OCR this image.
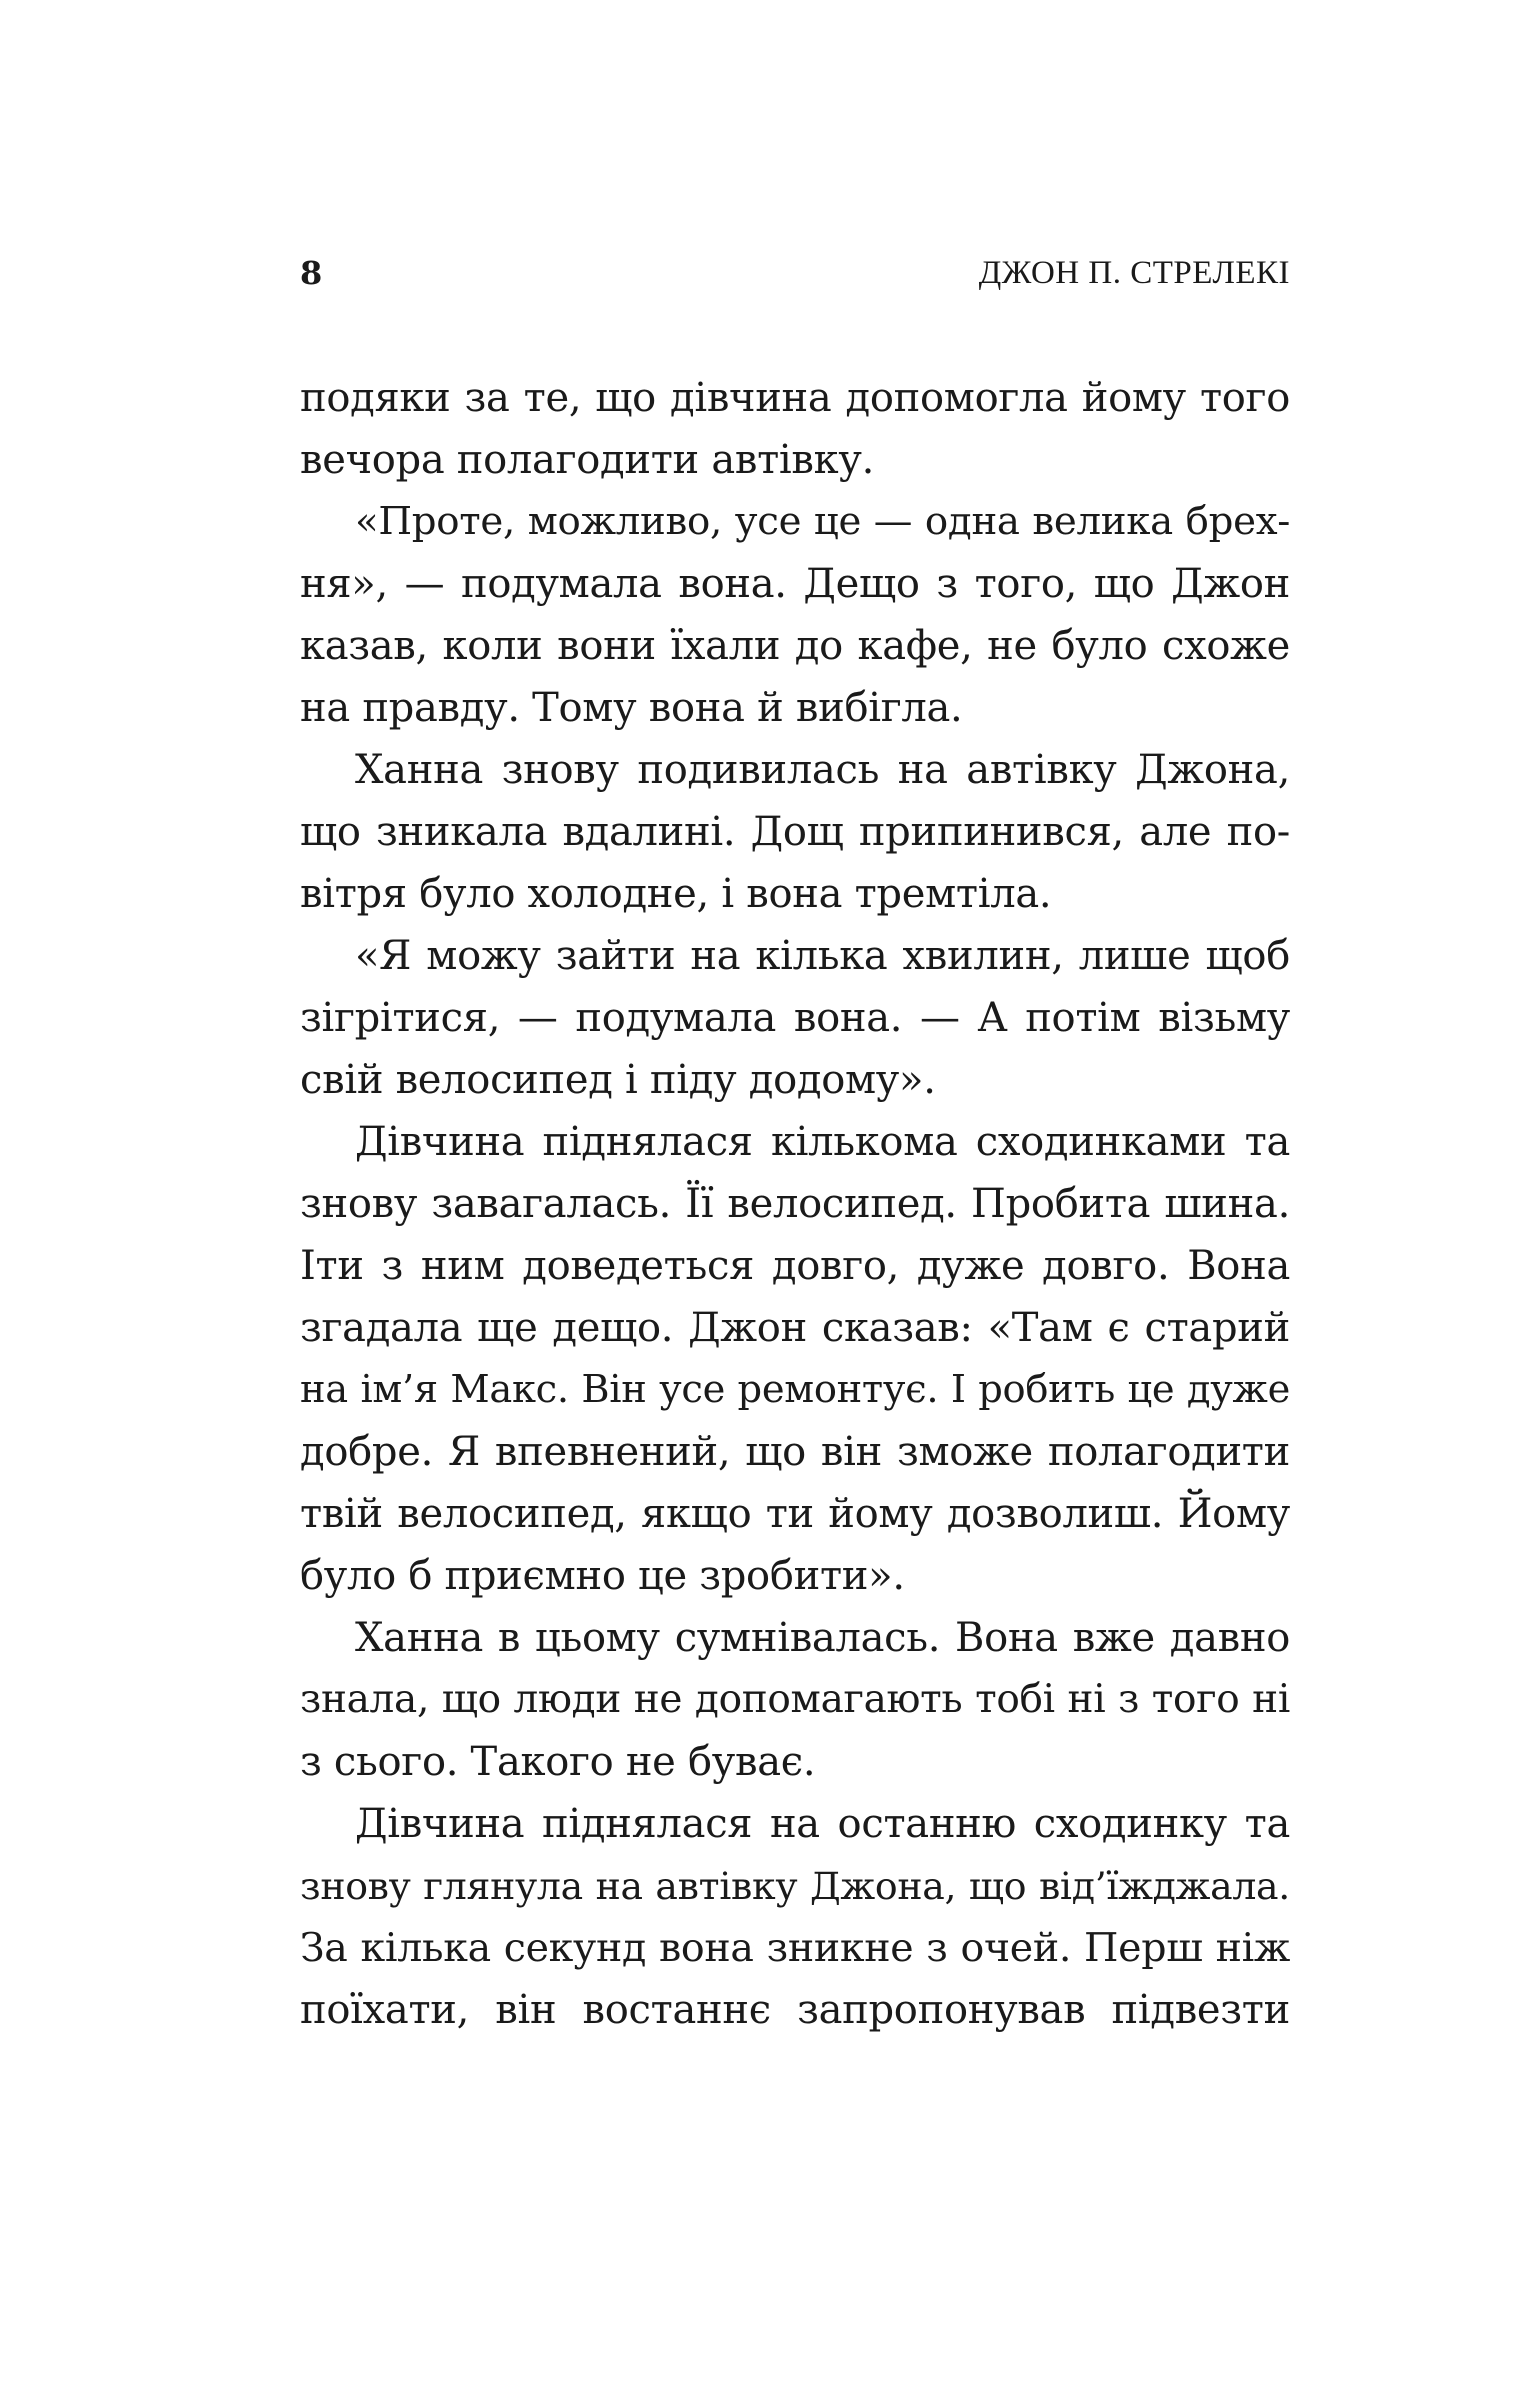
8	ДЖОН П. СТРЕЛЕКІ
подяки за те, що дівчина допомогла йому того
вечора полагодити автівку.
«Проте, можливо, усе це — одна велика брех-
ня», — подумала вона. Дещо з того, що Джон
казав, коли вони їхали до кафе, не було схоже
на правду. Тому вона й вибігла.
Ханна знову подивилась на автівку Джона,
що зникала вдалині. Дощ припинився, але по-
вітря було холодне, і вона тремтіла.
«Я можу зайти на кілька хвилин, лише щоб
зігрітися, — подумала вона. — А потім візьму
свій велосипед і піду додому».
Дівчина піднялася кількома сходинками та
знову завагалась. Її велосипед. Пробита шина.
Іти з ним доведеться довго, дуже довго. Вона
згадала ще дещо. Джон сказав: «Там є старий
на ім’я Макс. Він усе ремонтує. І робить це дуже
добре. Я впевнений, що він зможе полагодити
твій велосипед, якщо ти йому дозволиш. Йому
було б приємно це зробити».
Ханна в цьому сумнівалась. Вона вже давно
знала, що люди не допомагають тобі ні з того ні
з сього. Такого не буває.
Дівчина піднялася на останню сходинку та
знову глянула на автівку Джона, що від’їжджала.
За кілька секунд вона зникне з очей. Перш ніж
поїхати, він востаннє запропонував підвезти
